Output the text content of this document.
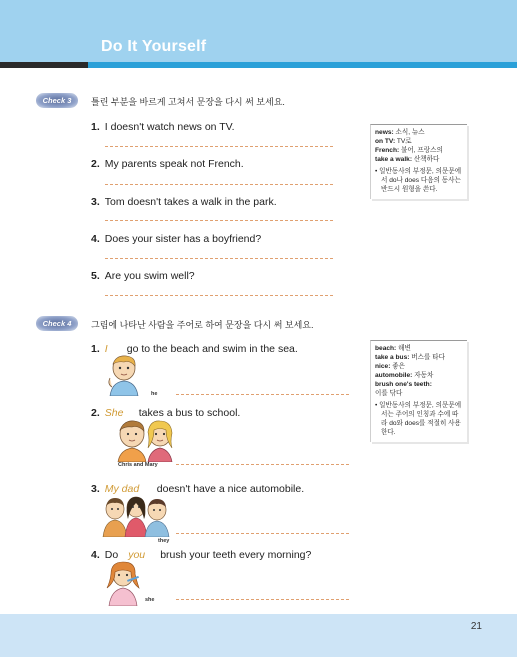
Do It Yourself
Check 3	틀린 부분을 바르게 고쳐서 문장을 다시 써 보세요.
1. I doesn't watch news on TV.
2. My parents speak not French.
3. Tom doesn't takes a walk in the park.
4. Does your sister has a boyfriend?
5. Are you swim well?
news: 소식, 뉴스
on TV: TV로
French: 불어, 프랑스의
take a walk: 산책하다
• 일반동사의 부정문, 의문문에서 do나 does 다음의 동사는 반드시 원형을 쓴다.
Check 4	그림에 나타난 사람을 주어로 하여 문장을 다시 써 보세요.
1. I go to the beach and swim in the sea.
he
2. She takes a bus to school.
Chris and Mary
3. My dad doesn't have a nice automobile.
they
4. Do you brush your teeth every morning?
she
beach: 해변
take a bus: 버스를 타다
nice: 좋은
automobile: 자동차
brush one's teeth:
이를 닦다
• 일반동사의 부정문, 의문문에서는 주어의 인칭과 수에 따라 do와 does를 적절히 사용한다.
21
